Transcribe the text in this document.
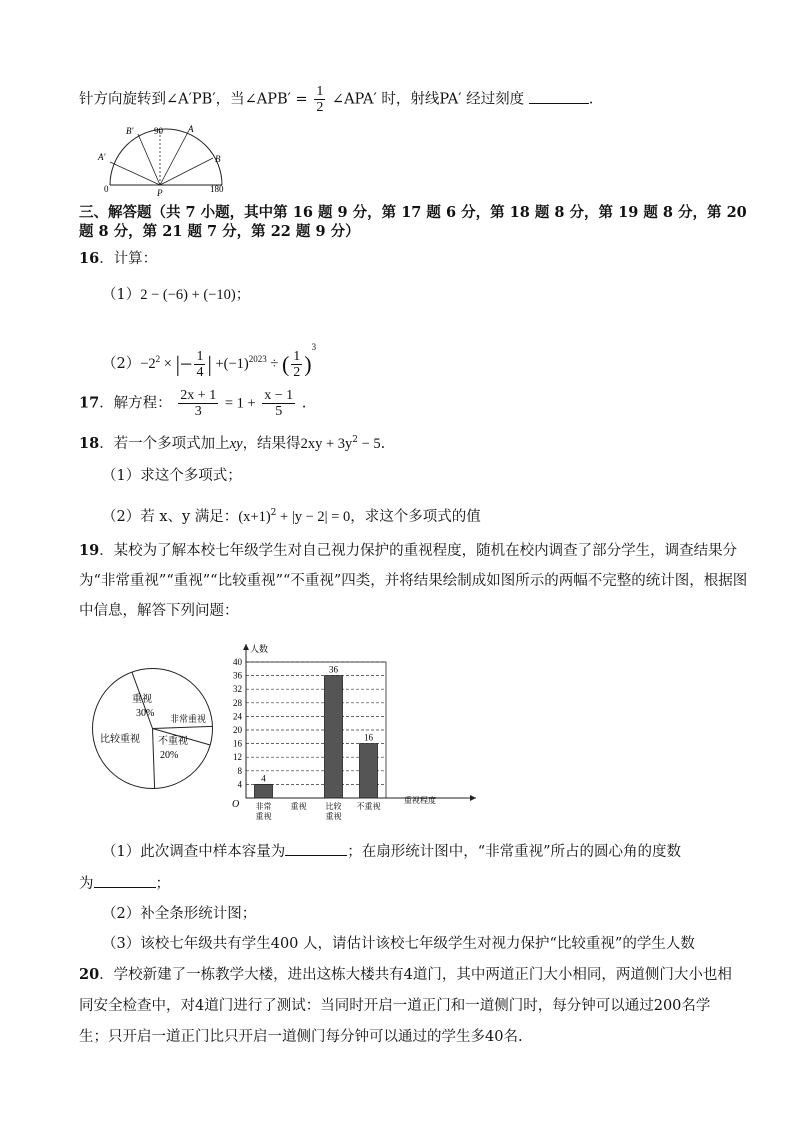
针方向旋转到∠A′PB′，当∠APB′ = $\frac{1}{2}$ ∠APA′ 时，射线PA′ 经过刻度	.
B′ 90	A
A′	B
0	P	180
三、解答题（共 7 小题，其中第 16 题 9 分，第 17 题 6 分，第 18 题 8 分，第 19 题 8 分，第 20
题 8 分，第 21 题 7 分，第 22 题 9 分）
16．计算：
（1）2 − (−6) + (−10)；
$(2)-2^2$ × |− $\frac{1}{4}$ | $+(-1)^{2023}$ ÷ ( $\frac{1}{2} )^3$
17．解方程： $\frac{2x + 1}{3} = 1 + \frac{x - 1}{5}$ .
18．若一个多项式加上xy，结果得$2xy + 3y^2 - 5$.
（1）求这个多项式；
（2）若 x、y 满足：$(x+1)^2 + |y - 2| = 0$，求这个多项式的值
19．某校为了解本校七年级学生对自己视力保护的重视程度，随机在校内调查了部分学生，调查结果分
为“非常重视”“重视”“比较重视”“不重视”四类，并将结果绘制成如图所示的两幅不完整的统计图，根据图
中信息，解答下列问题：
重视
30% 非常重视
不重视
20%
比较重视
4
8
12
16
20
24
28
32
36
40
人数
重视程度
O
4
非常
重视
重视
36
比较
重视
16
不重视
（1）此次调查中样本容量为	；在扇形统计图中，“非常重视”所占的圆心角的度数
为	；
（2）补全条形统计图；
（3）该校七年级共有学生400 人，请估计该校七年级学生对视力保护“比较重视”的学生人数
20．学校新建了一栋教学大楼，进出这栋大楼共有4道门，其中两道正门大小相同，两道侧门大小也相
同安全检查中，对4道门进行了测试：当同时开启一道正门和一道侧门时，每分钟可以通过200名学
生；只开启一道正门比只开启一道侧门每分钟可以通过的学生多40名.
